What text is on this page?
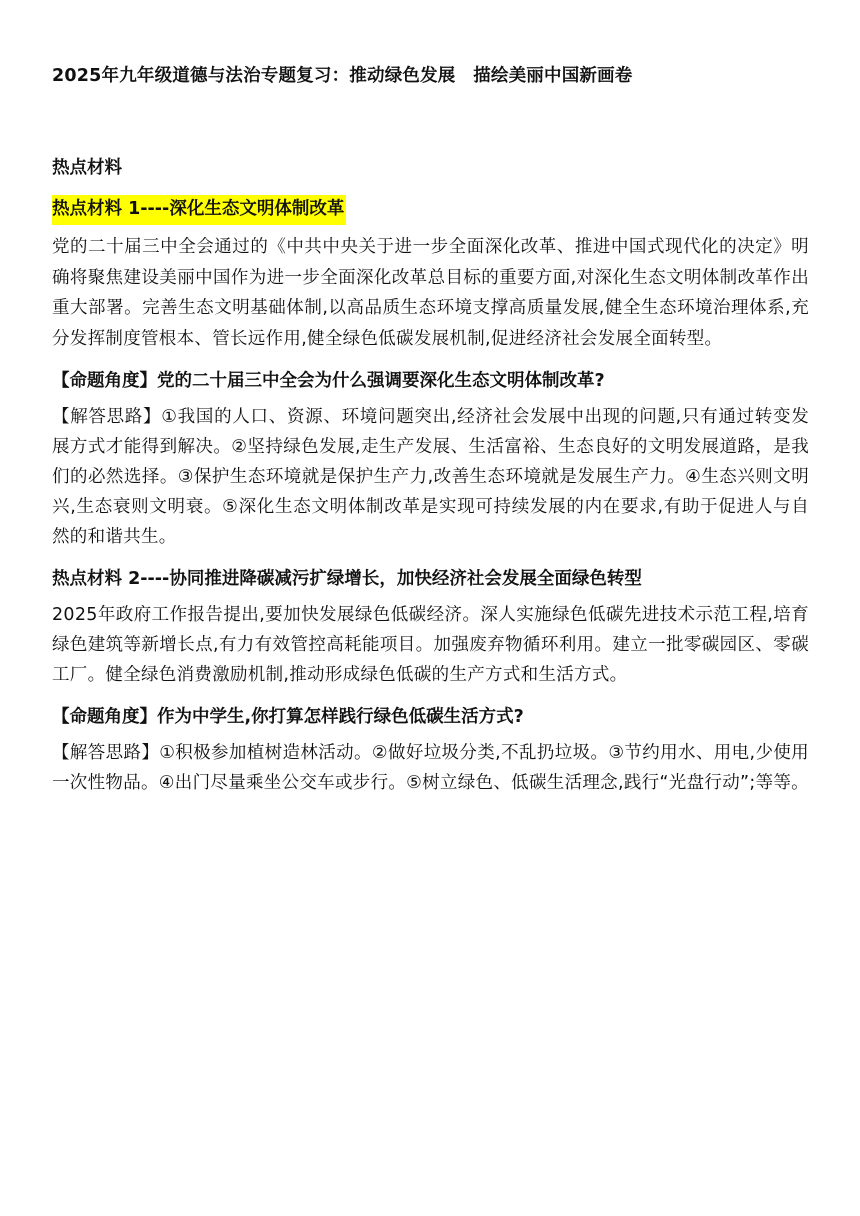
2025年九年级道德与法治专题复习：推动绿色发展　描绘美丽中国新画卷
热点材料
热点材料 1----深化生态文明体制改革

党的二十届三中全会通过的《中共中央关于进一步全面深化改革、推进中国式现代化的决定》明确将聚焦建设美丽中国作为进一步全面深化改革总目标的重要方面,对深化生态文明体制改革作出重大部署。完善生态文明基础体制,以高品质生态环境支撑高质量发展,健全生态环境治理体系,充分发挥制度管根本、管长远作用,健全绿色低碳发展机制,促进经济社会发展全面转型。

【命题角度】党的二十届三中全会为什么强调要深化生态文明体制改革?

【解答思路】①我国的人口、资源、环境问题突出,经济社会发展中出现的问题,只有通过转变发展方式才能得到解决。②坚持绿色发展,走生产发展、生活富裕、生态良好的文明发展道路，是我们的必然选择。③保护生态环境就是保护生产力,改善生态环境就是发展生产力。④生态兴则文明兴,生态衰则文明衰。⑤深化生态文明体制改革是实现可持续发展的内在要求,有助于促进人与自然的和谐共生。

热点材料 2----协同推进降碳减污扩绿增长，加快经济社会发展全面绿色转型

2025年政府工作报告提出,要加快发展绿色低碳经济。深人实施绿色低碳先进技术示范工程,培育绿色建筑等新增长点,有力有效管控高耗能项目。加强废弃物循环利用。建立一批零碳园区、零碳工厂。健全绿色消费激励机制,推动形成绿色低碳的生产方式和生活方式。

【命题角度】作为中学生,你打算怎样践行绿色低碳生活方式?

【解答思路】①积极参加植树造林活动。②做好垃圾分类,不乱扔垃圾。③节约用水、用电,少使用一次性物品。④出门尽量乘坐公交车或步行。⑤树立绿色、低碳生活理念,践行“光盘行动”;等等。
